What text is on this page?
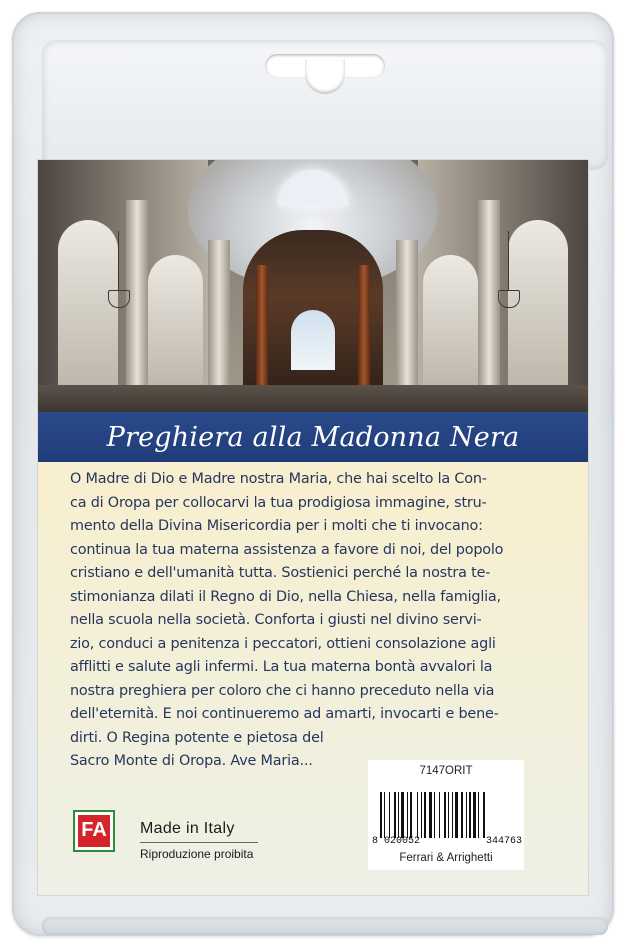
Preghiera alla Madonna Nera

O Madre di Dio e Madre nostra Maria, che hai scelto la Con-
ca di Oropa per collocarvi la tua prodigiosa immagine, stru-
mento della Divina Misericordia per i molti che ti invocano:
continua la tua materna assistenza a favore di noi, del popolo
cristiano e dell'umanità tutta. Sostienici perché la nostra te-
stimonianza dilati il Regno di Dio, nella Chiesa, nella famiglia,
nella scuola nella società. Conforta i giusti nel divino servi-
zio, conduci a penitenza i peccatori, ottieni consolazione agli
afflitti e salute agli infermi. La tua materna bontà avvalori la
nostra preghiera per coloro che ci hanno preceduto nella via
dell'eternità. E noi continueremo ad amarti, invocarti e bene-
dirti. O Regina potente e pietosa del
Sacro Monte di Oropa. Ave Maria...

FA Made in Italy
Riproduzione proibita
7147ORIT
8 020052	344763
Ferrari & Arrighetti
